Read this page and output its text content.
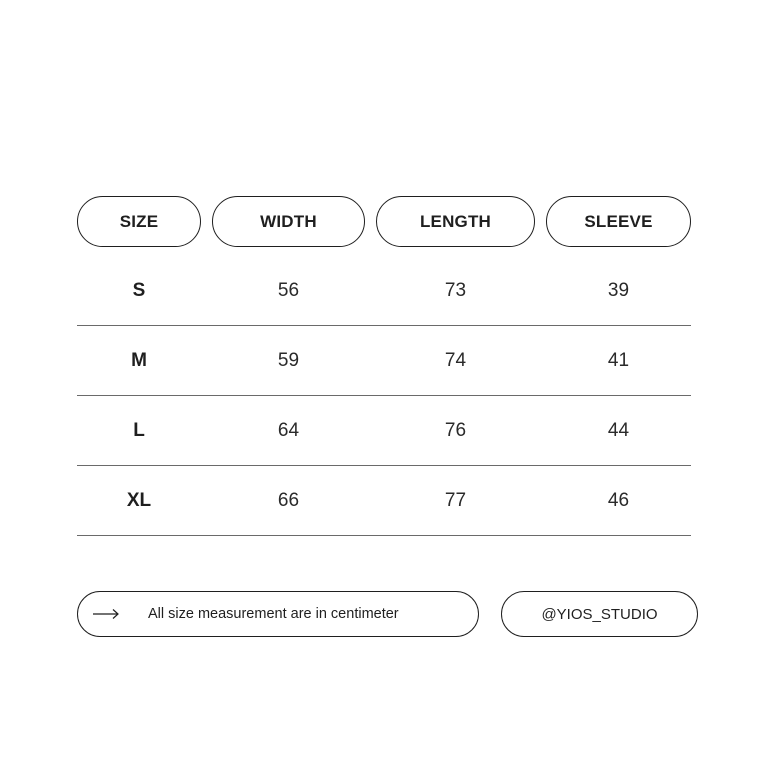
SIZE	WIDTH	LENGTH	SLEEVE
S	56	73	39
M	59	74	41
L	64	76	44
XL	66	77	46
All size measurement are in centimeter	@YIOS_STUDIO
